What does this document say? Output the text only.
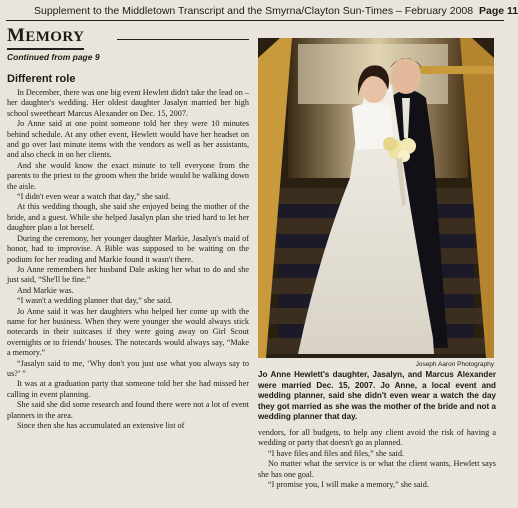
Supplement to the Middletown Transcript and the Smyrna/Clayton Sun-Times – February 2008 Page 11
MEMORY
Continued from page 9
Different role

In December, there was one big event Hewlett didn't take the lead on – her daughter's wedding. Her oldest daughter Jasalyn married her high school sweetheart Marcus Alexander on Dec. 15, 2007.

Jo Anne said at one point someone told her they were 10 minutes behind schedule. At any other event, Hewlett would have her headset on and go over last minute items with the vendors as well as her assistants, and also check in on her clients.

And she would know the exact minute to tell everyone from the parents to the priest to the groom when the bride would be walking down the aisle.

“I didn't even wear a watch that day,” she said.

At this wedding though, she said she enjoyed being the mother of the bride, and a guest. While she helped Jasalyn plan she tried hard to let her daughter plan a lot herself.

During the ceremony, her younger daughter Markie, Jasalyn's maid of honor, had to improvise. A Bible was supposed to be waiting on the podium for her reading and Markie found it wasn't there.

Jo Anne remembers her husband Dale asking her what to do and she just said, “She'll be fine.”

And Markie was.

“I wasn't a wedding planner that day,” she said.

Jo Anne said it was her daughters who helped her come up with the name for her business. When they were younger she would always stick notecards in their suitcases if they were going away on Girl Scout overnights or to friends' houses. The notecards would always say, “Make a memory.”

“Jasalyn said to me, ‘Why don't you just use what you always say to us?’ ”

It was at a graduation party that someone told her she had missed her calling in event planning.

She said she did some research and found there were not a lot of event planners in the area.

Since then she has accumulated an extensive list of

Joseph Aaron Photography
Jo Anne Hewlett's daughter, Jasalyn, and Marcus Alexander were married Dec. 15, 2007. Jo Anne, a local event and wedding planner, said she didn't even wear a watch the day they got married as she was the mother of the bride and not a wedding planner that day.

vendors, for all budgets, to help any client avoid the risk of having a wedding or party that doesn't go as planned.

“I have files and files and files,” she said.

No matter what the service is or what the client wants, Hewlett says she has one goal.

“I promise you, I will make a memory,” she said.
